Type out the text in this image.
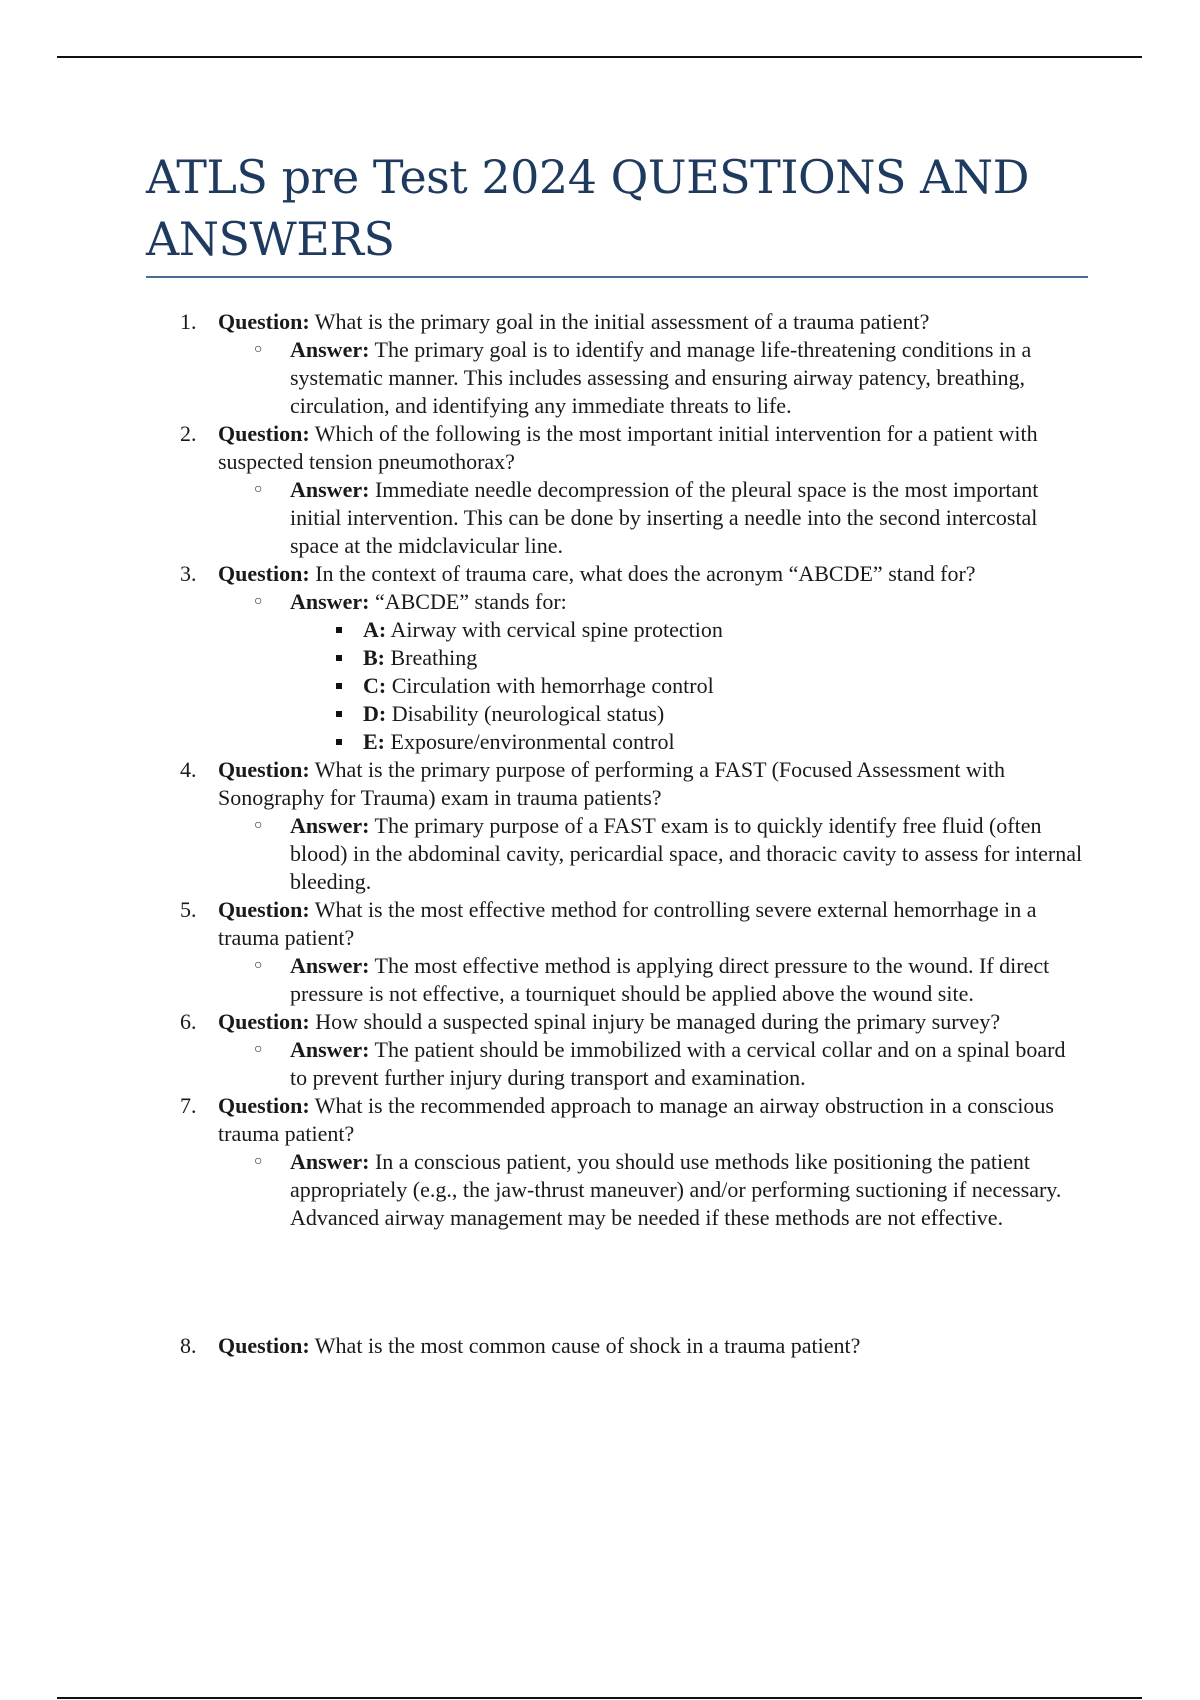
ATLS pre Test 2024 QUESTIONS AND ANSWERS
1. Question: What is the primary goal in the initial assessment of a trauma patient?
○ Answer: The primary goal is to identify and manage life-threatening conditions in a systematic manner. This includes assessing and ensuring airway patency, breathing, circulation, and identifying any immediate threats to life.
2. Question: Which of the following is the most important initial intervention for a patient with suspected tension pneumothorax?
○ Answer: Immediate needle decompression of the pleural space is the most important initial intervention. This can be done by inserting a needle into the second intercostal space at the midclavicular line.
3. Question: In the context of trauma care, what does the acronym “ABCDE” stand for?
○ Answer: “ABCDE” stands for:
A: Airway with cervical spine protection
B: Breathing
C: Circulation with hemorrhage control
D: Disability (neurological status)
E: Exposure/environmental control
4. Question: What is the primary purpose of performing a FAST (Focused Assessment with Sonography for Trauma) exam in trauma patients?
○ Answer: The primary purpose of a FAST exam is to quickly identify free fluid (often blood) in the abdominal cavity, pericardial space, and thoracic cavity to assess for internal bleeding.
5. Question: What is the most effective method for controlling severe external hemorrhage in a trauma patient?
○ Answer: The most effective method is applying direct pressure to the wound. If direct pressure is not effective, a tourniquet should be applied above the wound site.
6. Question: How should a suspected spinal injury be managed during the primary survey?
○ Answer: The patient should be immobilized with a cervical collar and on a spinal board to prevent further injury during transport and examination.
7. Question: What is the recommended approach to manage an airway obstruction in a conscious trauma patient?
○ Answer: In a conscious patient, you should use methods like positioning the patient appropriately (e.g., the jaw-thrust maneuver) and/or performing suctioning if necessary. Advanced airway management may be needed if these methods are not effective.
8. Question: What is the most common cause of shock in a trauma patient?
